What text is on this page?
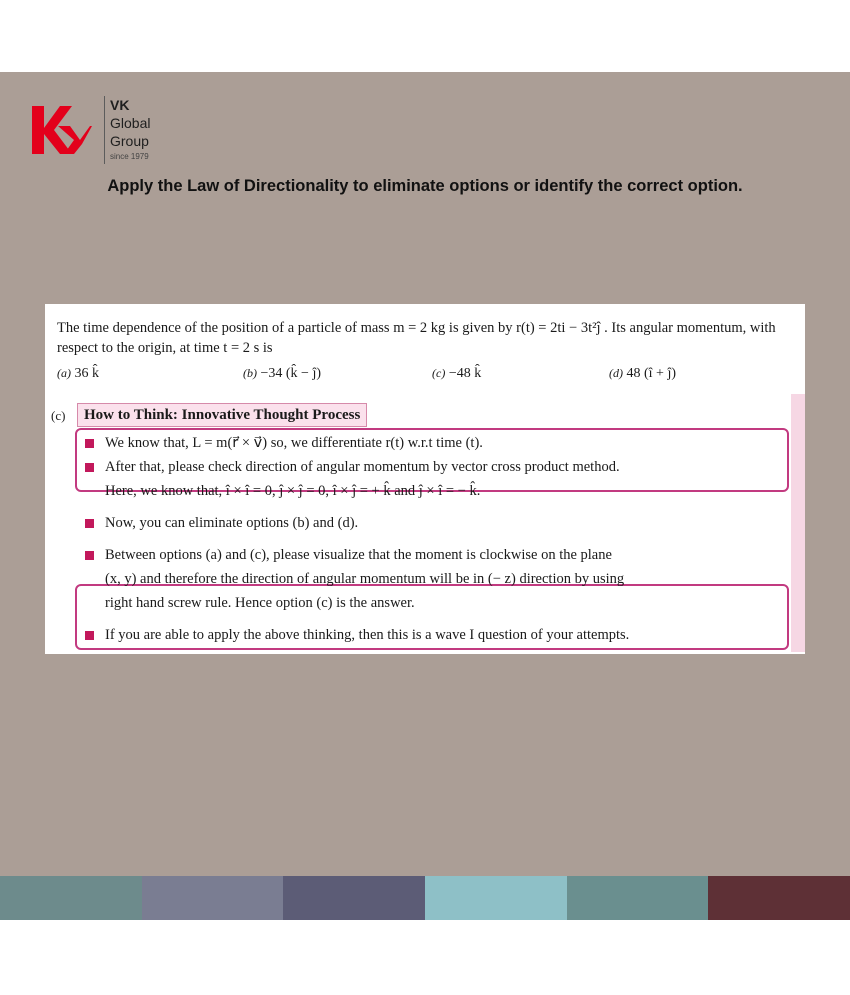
VK
Global
Group
since 1979
Apply the Law of Directionality to eliminate options or identify the correct option.
The time dependence of the position of a particle of mass m = 2 kg is given by r(t) = 2ti − 3t²ĵ . Its angular momentum, with respect to the origin, at time t = 2 s is
(a) 36 k̂	(b) −34 (k̂ − ĵ)	(c) −48 k̂	(d) 48 (î + ĵ)
(c)	How to Think: Innovative Thought Process
We know that, L = m(r⃗ × v⃗) so, we differentiate r(t) w.r.t time (t).
After that, please check direction of angular momentum by vector cross product method.
Here, we know that, î × î = 0, ĵ × ĵ = 0, î × ĵ = + k̂ and ĵ × î = − k̂.
Now, you can eliminate options (b) and (d).
Between options (a) and (c), please visualize that the moment is clockwise on the plane
(x, y) and therefore the direction of angular momentum will be in (− z) direction by using
right hand screw rule. Hence option (c) is the answer.
If you are able to apply the above thinking, then this is a wave I question of your attempts.
